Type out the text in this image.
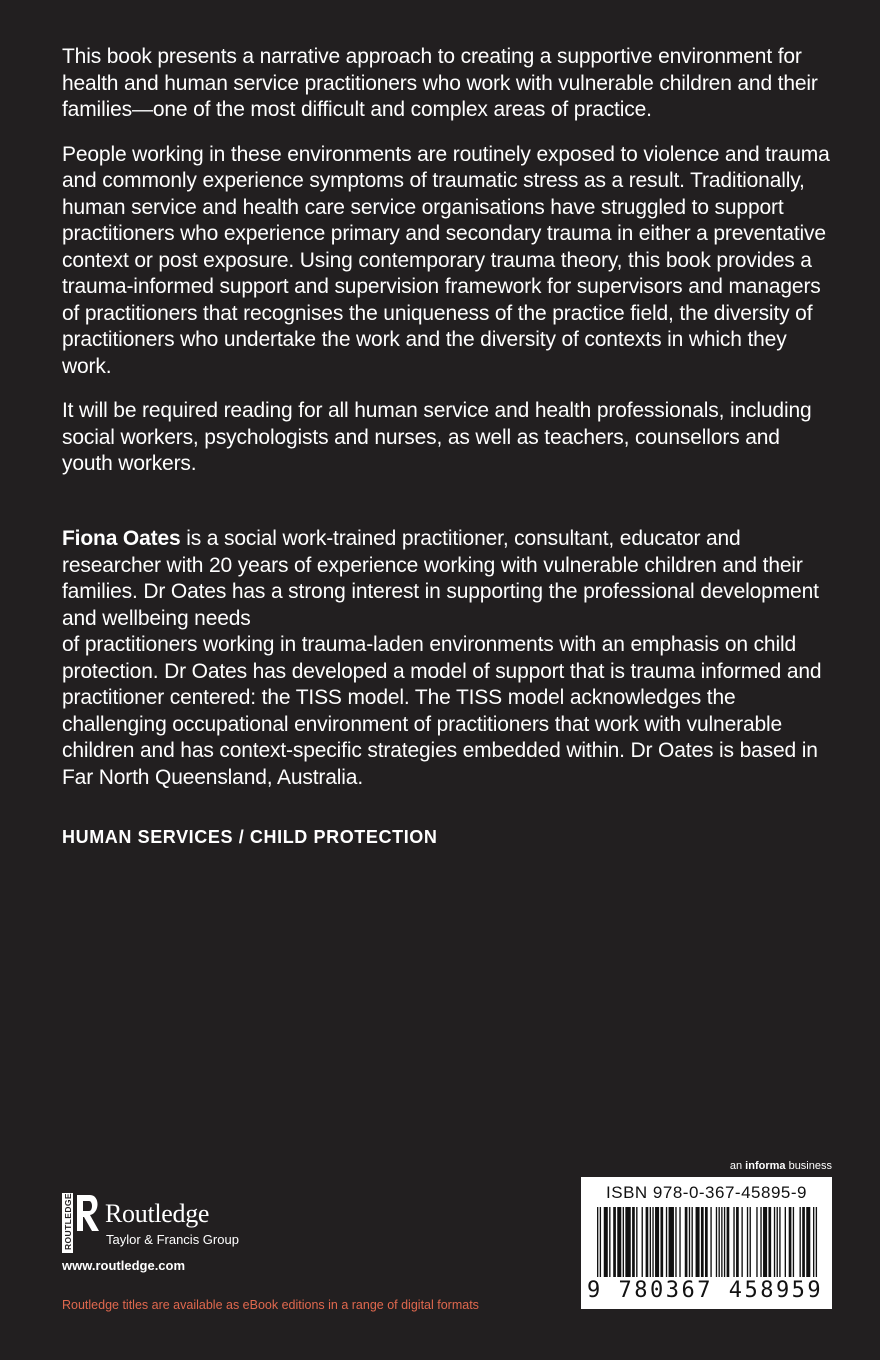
This book presents a narrative approach to creating a supportive environment for health and human service practitioners who work with vulnerable children and their families—one of the most difficult and complex areas of practice.

People working in these environments are routinely exposed to violence and trauma and commonly experience symptoms of traumatic stress as a result. Traditionally, human service and health care service organisations have struggled to support practitioners who experience primary and secondary trauma in either a preventative context or post exposure. Using contemporary trauma theory, this book provides a trauma-informed support and supervision framework for supervisors and managers of practitioners that recognises the uniqueness of the practice field, the diversity of practitioners who undertake the work and the diversity of contexts in which they work.

It will be required reading for all human service and health professionals, including social workers, psychologists and nurses, as well as teachers, counsellors and youth workers.

Fiona Oates is a social work-trained practitioner, consultant, educator and researcher with 20 years of experience working with vulnerable children and their families. Dr Oates has a strong interest in supporting the professional development and wellbeing needs
of practitioners working in trauma-laden environments with an emphasis on child protection. Dr Oates has developed a model of support that is trauma informed and practitioner centered: the TISS model. The TISS model acknowledges the challenging occupational environment of practitioners that work with vulnerable children and has context-specific strategies embedded within. Dr Oates is based in Far North Queensland, Australia.

HUMAN SERVICES / CHILD PROTECTION
an informa business
ISBN 978-0-367-45895-9
9 780367 458959
ROUTLEDGE Routledge
Taylor & Francis Group
www.routledge.com
Routledge titles are available as eBook editions in a range of digital formats
